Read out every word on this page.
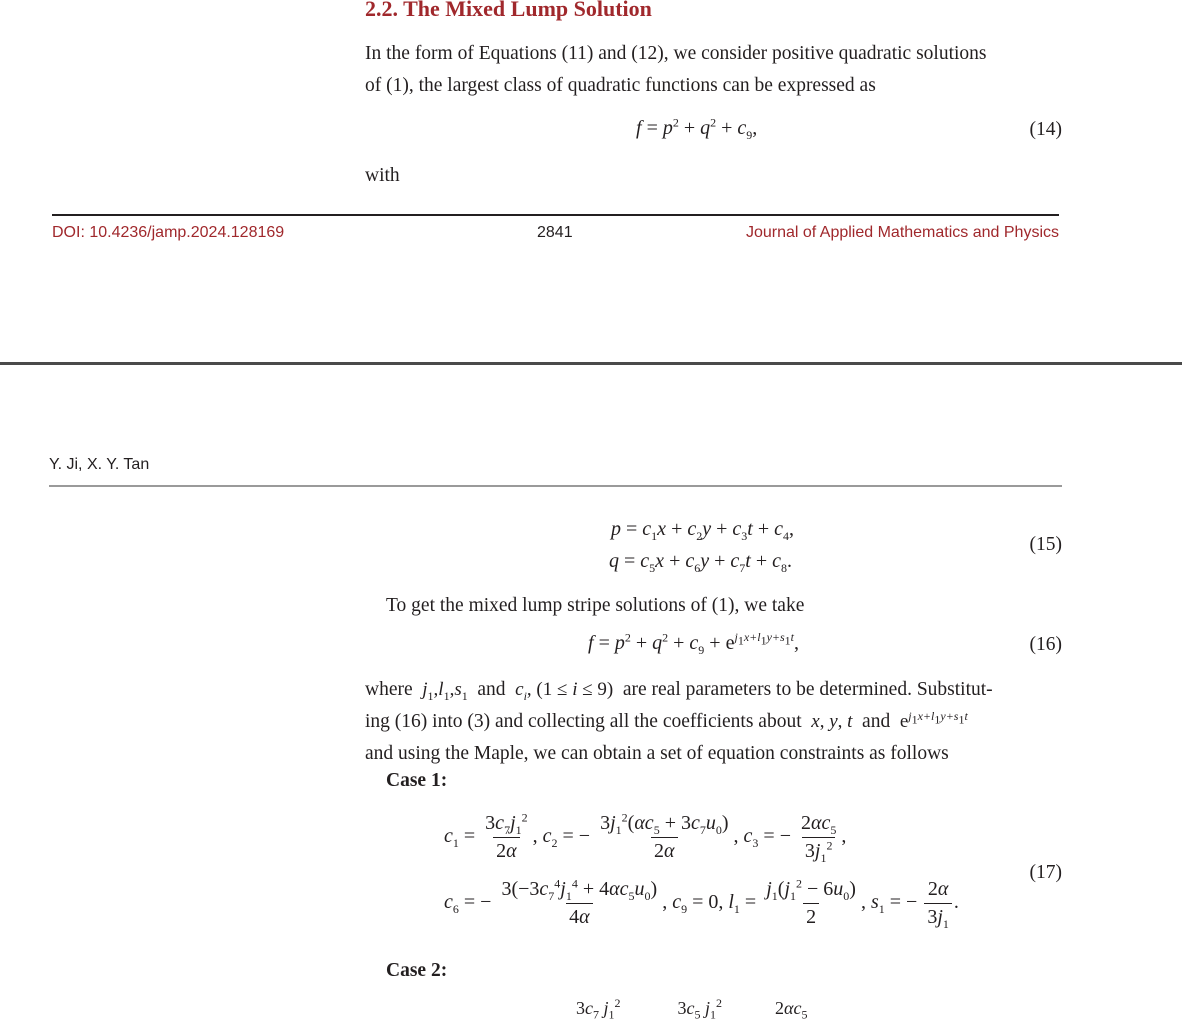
2.2. The Mixed Lump Solution
In the form of Equations (11) and (12), we consider positive quadratic solutions
of (1), the largest class of quadratic functions can be expressed as
$f = p^2 + q^2 + c_9$,	(14)
with
DOI: 10.4236/jamp.2024.128169	2841	Journal of Applied Mathematics and Physics
Y. Ji, X. Y. Tan
$p = c_1x + c_2y + c_3t + c_4$,
$q = c_5x + c_6y + c_7t + c_8$.
(15)
To get the mixed lump stripe solutions of (1), we take
$f = p^2 + q^2 + c_9 + e^{j_1x+l_1y+s_1t}$,	(16)
where  $j_1,l_1,s_1$ and  $c_i$, (1 ≤ i ≤ 9) are real parameters to be determined. Substitut-
ing (16) into (3) and collecting all the coefficients about  x, y, t  and $e^{j_1x+l_1y+s_1t}$
and using the Maple, we can obtain a set of equation constraints as follows
Case 1:
$c_1 = \frac{3c_7j_1^2}{2\alpha}$ , $c_2$ = − $\frac{3j_1^2(\alpha c_5 + 3c_7u_0)}{2\alpha}$ , $c_3$ = − $\frac{2\alpha c_5}{3j_1^2}$ ,
$c_6$ = − $\frac{3(-3c_7^4j_1^4 + 4\alpha c_5u_0)}{4\alpha}$ , $c_9 = 0$, $l_1 = \frac{j_1(j_1^2 - 6u_0)}{2}$ , $s_1$ = − $\frac{2\alpha}{3j_1}$ .
(17)
Case 2:
$3c_7$ $j_1^2$	$3c_5$ $j_1^2$	$2\alpha c_5$
